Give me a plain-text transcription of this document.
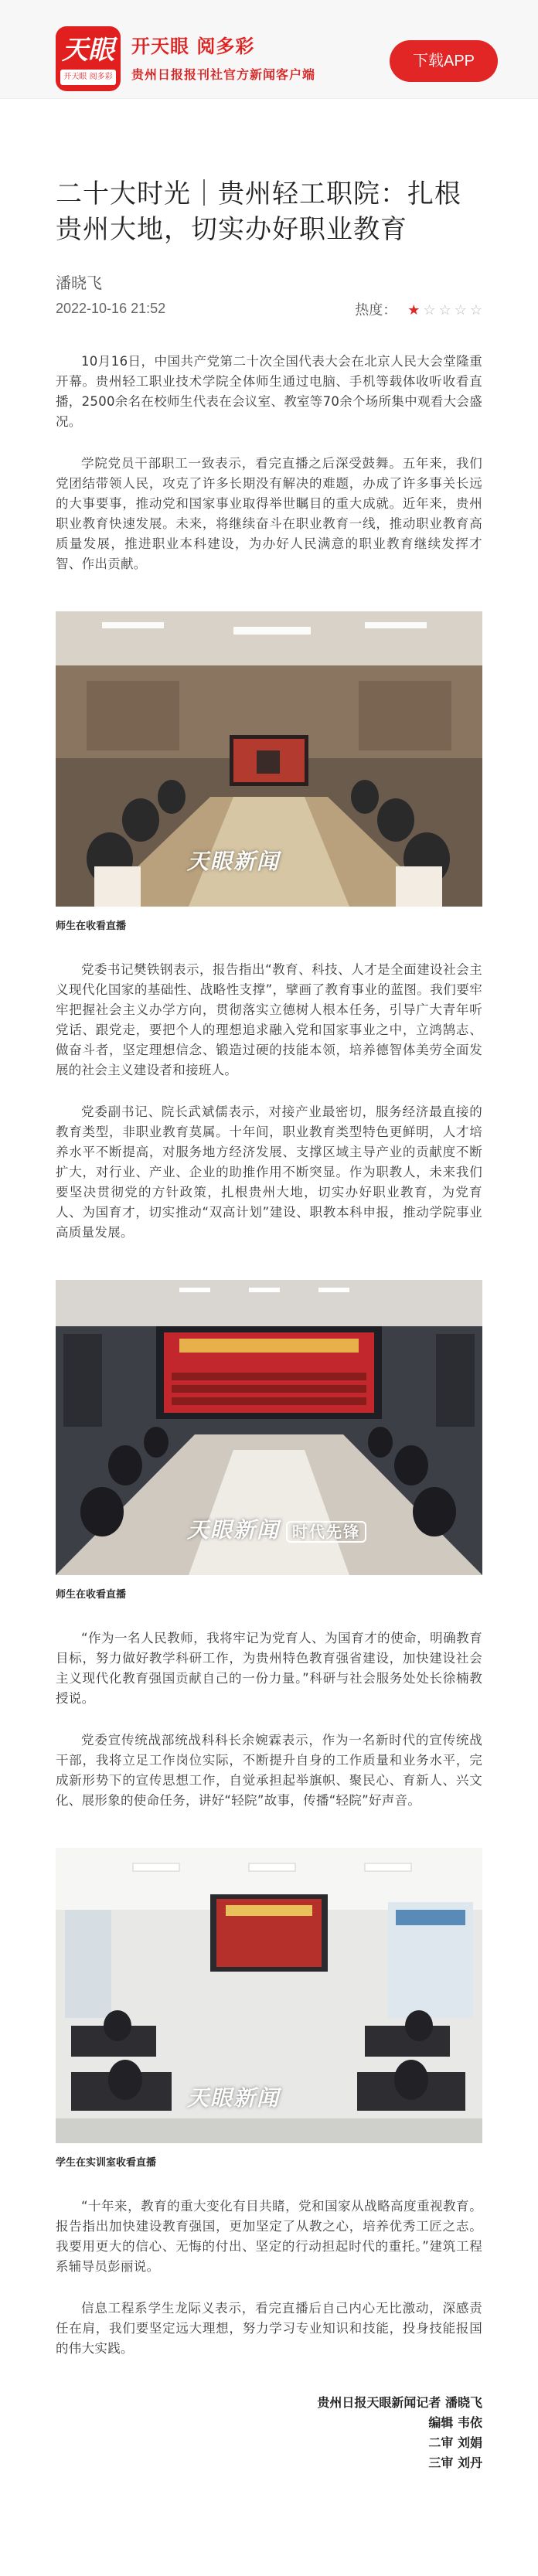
天眼
开天眼 阅多彩
开天眼 阅多彩
贵州日报报刊社官方新闻客户端
下载APP
二十大时光｜贵州轻工职院：扎根贵州大地，切实办好职业教育
潘晓飞
2022-10-16 21:52	热度： ★ ☆ ☆ ☆ ☆

10月16日，中国共产党第二十次全国代表大会在北京人民大会堂隆重开幕。贵州轻工职业技术学院全体师生通过电脑、手机等载体收听收看直播，2500余名在校师生代表在会议室、教室等70余个场所集中观看大会盛况。

学院党员干部职工一致表示，看完直播之后深受鼓舞。五年来，我们党团结带领人民，攻克了许多长期没有解决的难题，办成了许多事关长远的大事要事，推动党和国家事业取得举世瞩目的重大成就。近年来，贵州职业教育快速发展。未来，将继续奋斗在职业教育一线，推动职业教育高质量发展，推进职业本科建设，为办好人民满意的职业教育继续发挥才智、作出贡献。

天眼新闻
师生在收看直播

党委书记樊铁钢表示，报告指出“教育、科技、人才是全面建设社会主义现代化国家的基础性、战略性支撑”，擘画了教育事业的蓝图。我们要牢牢把握社会主义办学方向，贯彻落实立德树人根本任务，引导广大青年听党话、跟党走，要把个人的理想追求融入党和国家事业之中，立鸿鹄志、做奋斗者，坚定理想信念、锻造过硬的技能本领，培养德智体美劳全面发展的社会主义建设者和接班人。

党委副书记、院长武斌儒表示，对接产业最密切，服务经济最直接的教育类型，非职业教育莫属。十年间，职业教育类型特色更鲜明，人才培养水平不断提高，对服务地方经济发展、支撑区域主导产业的贡献度不断扩大，对行业、产业、企业的助推作用不断突显。作为职教人，未来我们要坚决贯彻党的方针政策，扎根贵州大地，切实办好职业教育，为党育人、为国育才，切实推动“双高计划”建设、职教本科申报，推动学院事业高质量发展。

天眼新闻 时代先锋
师生在收看直播

“作为一名人民教师，我将牢记为党育人、为国育才的使命，明确教育目标，努力做好教学科研工作，为贵州特色教育强省建设，加快建设社会主义现代化教育强国贡献自己的一份力量。”科研与社会服务处处长徐楠教授说。

党委宣传统战部统战科科长余婉霖表示，作为一名新时代的宣传统战干部，我将立足工作岗位实际，不断提升自身的工作质量和业务水平，完成新形势下的宣传思想工作，自觉承担起举旗帜、聚民心、育新人、兴文化、展形象的使命任务，讲好“轻院”故事，传播“轻院”好声音。

天眼新闻
学生在实训室收看直播

“十年来，教育的重大变化有目共睹，党和国家从战略高度重视教育。报告指出加快建设教育强国，更加坚定了从教之心，培养优秀工匠之志。我要用更大的信心、无悔的付出、坚定的行动担起时代的重托。”建筑工程系辅导员彭丽说。

信息工程系学生龙际义表示，看完直播后自己内心无比激动，深感责任在肩，我们要坚定远大理想，努力学习专业知识和技能，投身技能报国的伟大实践。

贵州日报天眼新闻记者 潘晓飞
编辑 韦依
二审 刘娟
三审 刘丹
